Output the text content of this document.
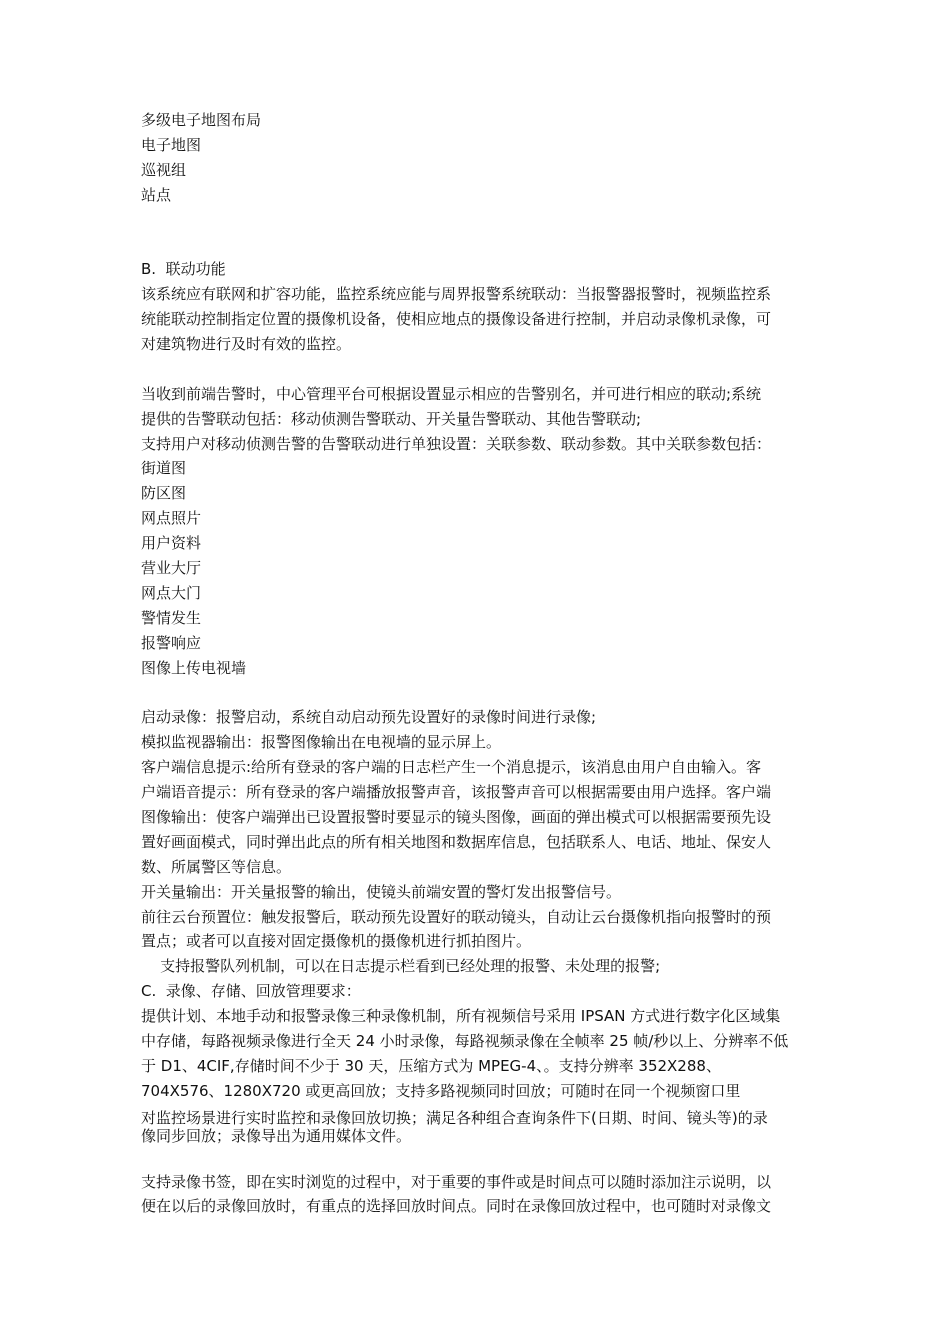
多级电子地图布局
电子地图
巡视组
站点
B.  联动功能
该系统应有联网和扩容功能，监控系统应能与周界报警系统联动：当报警器报警时，视频监控系
统能联动控制指定位置的摄像机设备，使相应地点的摄像设备进行控制，并启动录像机录像，可
对建筑物进行及时有效的监控。
当收到前端告警时，中心管理平台可根据设置显示相应的告警别名，并可进行相应的联动;系统
提供的告警联动包括：移动侦测告警联动、开关量告警联动、其他告警联动;
支持用户对移动侦测告警的告警联动进行单独设置：关联参数、联动参数。其中关联参数包括：
街道图
防区图
网点照片
用户资料
营业大厅
网点大门
警情发生
报警响应
图像上传电视墙
启动录像：报警启动，系统自动启动预先设置好的录像时间进行录像;
模拟监视器输出：报警图像输出在电视墙的显示屏上。
客户端信息提示:给所有登录的客户端的日志栏产生一个消息提示，该消息由用户自由输入。客
户端语音提示：所有登录的客户端播放报警声音，该报警声音可以根据需要由用户选择。客户端
图像输出：使客户端弹出已设置报警时要显示的镜头图像，画面的弹出模式可以根据需要预先设
置好画面模式，同时弹出此点的所有相关地图和数据库信息，包括联系人、电话、地址、保安人
数、所属警区等信息。
开关量输出：开关量报警的输出，使镜头前端安置的警灯发出报警信号。
前往云台预置位：触发报警后，联动预先设置好的联动镜头，自动让云台摄像机指向报警时的预
置点；或者可以直接对固定摄像机的摄像机进行抓拍图片。
支持报警队列机制，可以在日志提示栏看到已经处理的报警、未处理的报警;
C.  录像、存储、回放管理要求：
提供计划、本地手动和报警录像三种录像机制，所有视频信号采用 IPSAN 方式进行数字化区域集
中存储，每路视频录像进行全天 24 小时录像，每路视频录像在全帧率 25 帧/秒以上、分辨率不低
于 D1、4CIF,存储时间不少于 30 天，压缩方式为 MPEG-4、。支持分辨率 352X288、
704X576、1280X720 或更高回放；支持多路视频同时回放；可随时在同一个视频窗口里
对监控场景进行实时监控和录像回放切换；满足各种组合查询条件下(日期、时间、镜头等)的录
像同步回放；录像导出为通用媒体文件。
支持录像书签，即在实时浏览的过程中，对于重要的事件或是时间点可以随时添加注示说明，以
便在以后的录像回放时，有重点的选择回放时间点。同时在录像回放过程中，也可随时对录像文
